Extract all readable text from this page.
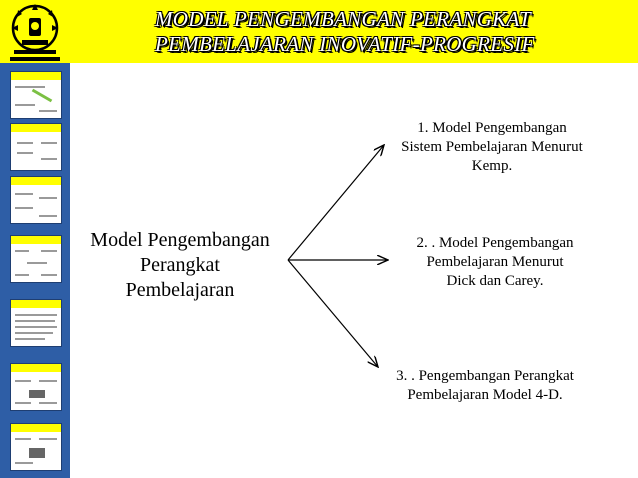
MODEL PENGEMBANGAN PERANGKAT
PEMBELAJARAN INOVATIF-PROGRESIF
Model Pengembangan
Perangkat
Pembelajaran
1. Model Pengembangan
Sistem Pembelajaran Menurut
Kemp.
2. . Model Pengembangan
Pembelajaran Menurut
Dick dan Carey.
3. . Pengembangan Perangkat
Pembelajaran Model 4-D.
